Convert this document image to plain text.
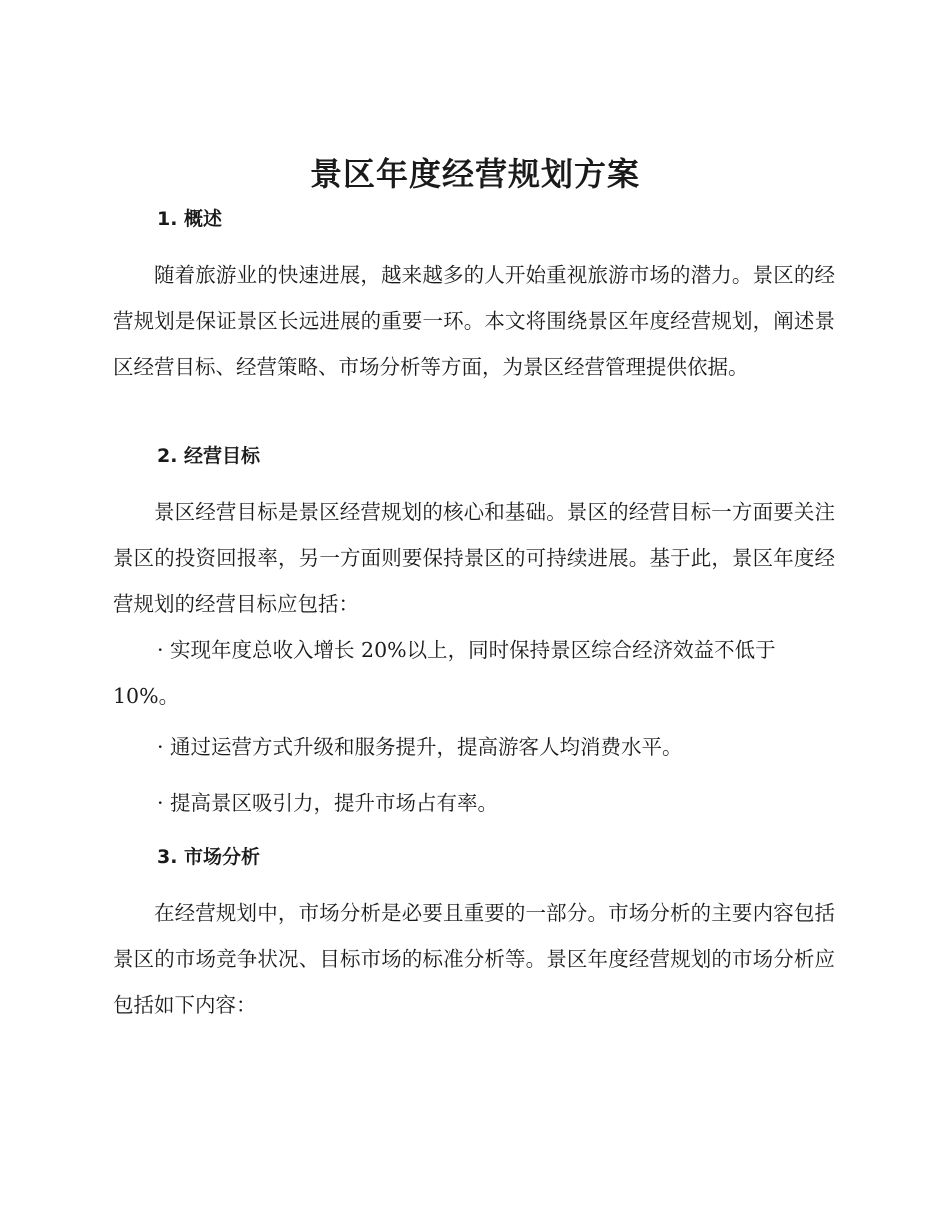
景区年度经营规划方案
1. 概述

随着旅游业的快速进展，越来越多的人开始重视旅游市场的潜力。景区的经营规划是保证景区长远进展的重要一环。本文将围绕景区年度经营规划，阐述景区经营目标、经营策略、市场分析等方面，为景区经营管理提供依据。

2. 经营目标

景区经营目标是景区经营规划的核心和基础。景区的经营目标一方面要关注景区的投资回报率，另一方面则要保持景区的可持续进展。基于此，景区年度经营规划的经营目标应包括：

· 实现年度总收入增长 20%以上，同时保持景区综合经济效益不低于 10%。

· 通过运营方式升级和服务提升，提高游客人均消费水平。

· 提高景区吸引力，提升市场占有率。

3. 市场分析

在经营规划中，市场分析是必要且重要的一部分。市场分析的主要内容包括景区的市场竞争状况、目标市场的标准分析等。景区年度经营规划的市场分析应包括如下内容：
